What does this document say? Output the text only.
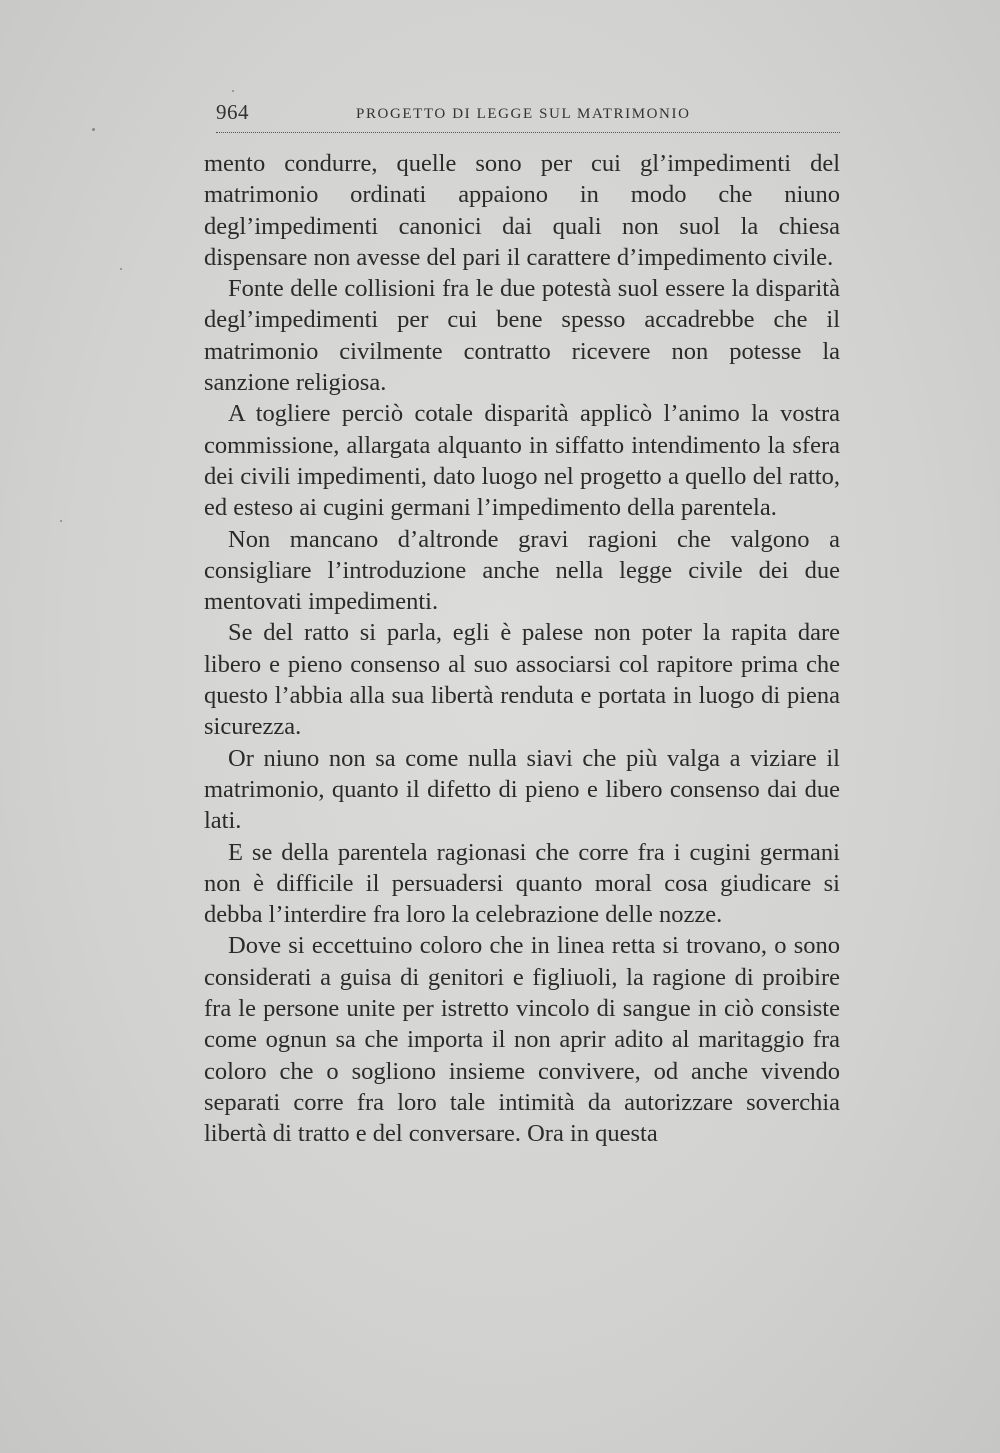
964	PROGETTO DI LEGGE SUL MATRIMONIO

mento condurre, quelle sono per cui gl’impedimenti del matrimonio ordinati appaiono in modo che niuno degl’impedimenti canonici dai quali non suol la chiesa dispensare non avesse del pari il carattere d’impedimento civile.

Fonte delle collisioni fra le due potestà suol essere la disparità degl’impedimenti per cui bene spesso accadrebbe che il matrimonio civilmente contratto ricevere non potesse la sanzione religiosa.

A togliere perciò cotale disparità applicò l’animo la vostra commissione, allargata alquanto in siffatto intendimento la sfera dei civili impedimenti, dato luogo nel progetto a quello del ratto, ed esteso ai cugini germani l’impedimento della parentela.

Non mancano d’altronde gravi ragioni che valgono a consigliare l’introduzione anche nella legge civile dei due mentovati impedimenti.

Se del ratto si parla, egli è palese non poter la rapita dare libero e pieno consenso al suo associarsi col rapitore prima che questo l’abbia alla sua libertà renduta e portata in luogo di piena sicurezza.

Or niuno non sa come nulla siavi che più valga a viziare il matrimonio, quanto il difetto di pieno e libero consenso dai due lati.

E se della parentela ragionasi che corre fra i cugini germani non è difficile il persuadersi quanto moral cosa giudicare si debba l’interdire fra loro la celebrazione delle nozze.

Dove si eccettuino coloro che in linea retta si trovano, o sono considerati a guisa di genitori e figliuoli, la ragione di proibire fra le persone unite per istretto vincolo di sangue in ciò consiste come ognun sa che importa il non aprir adito al maritaggio fra coloro che o sogliono insieme convivere, od anche vivendo separati corre fra loro tale intimità da autorizzare soverchia libertà di tratto e del conversare. Ora in questa
